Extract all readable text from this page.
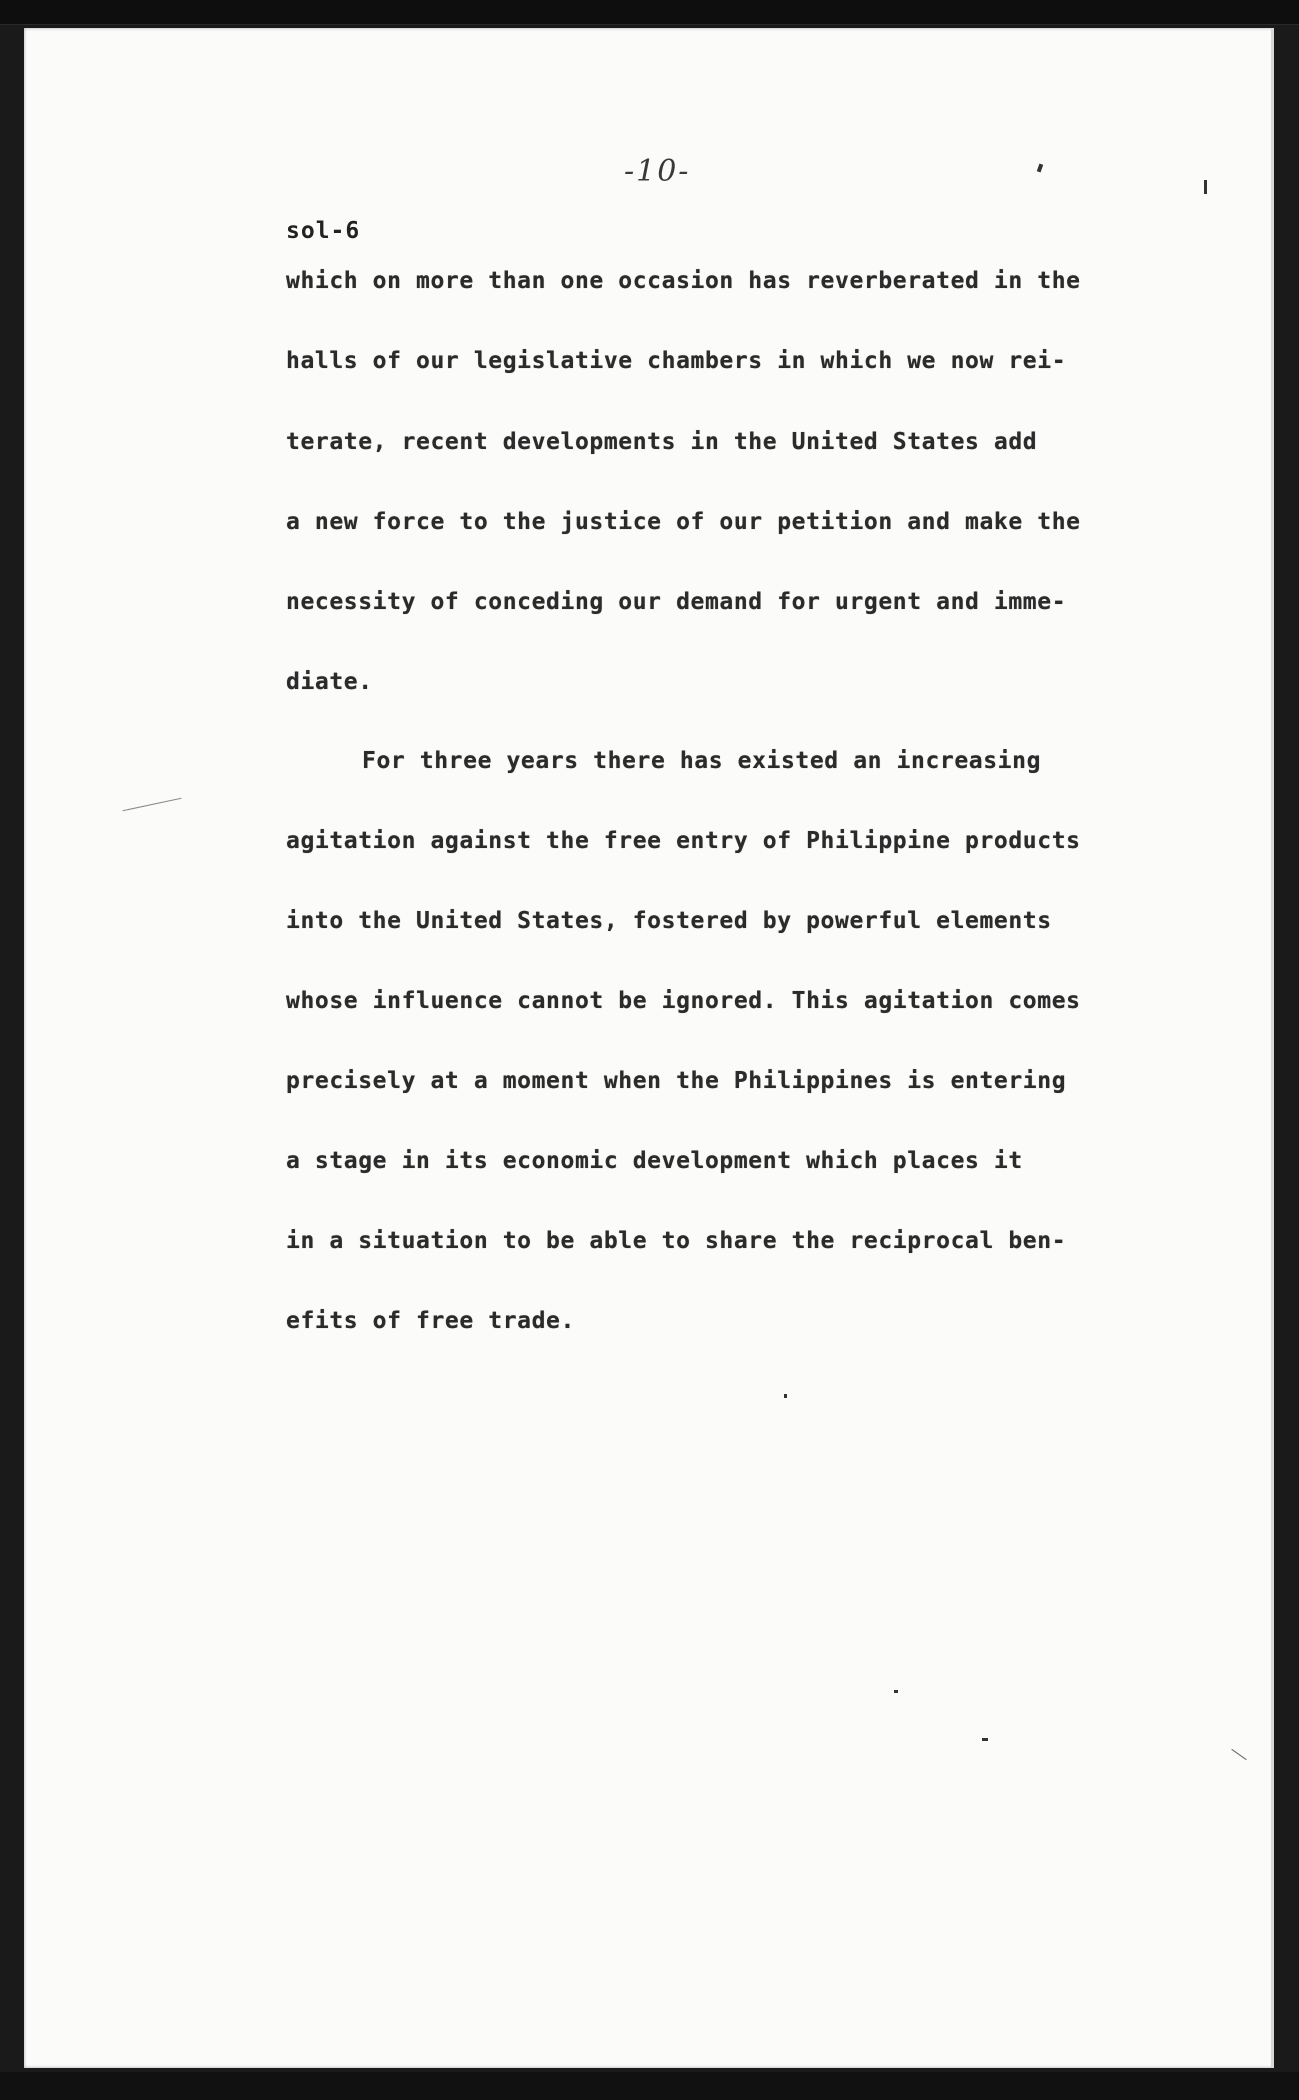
-10-
sol-6
which on more than one occasion has reverberated in the
halls of our legislative chambers in which we now rei-
terate, recent developments in the United States add
a new force to the justice of our petition and make the
necessity of conceding our demand for urgent and imme-
diate.
For three years there has existed an increasing
agitation against the free entry of Philippine products
into the United States, fostered by powerful elements
whose influence cannot be ignored. This agitation comes
precisely at a moment when the Philippines is entering
a stage in its economic development which places it
in a situation to be able to share the reciprocal ben-
efits of free trade.
